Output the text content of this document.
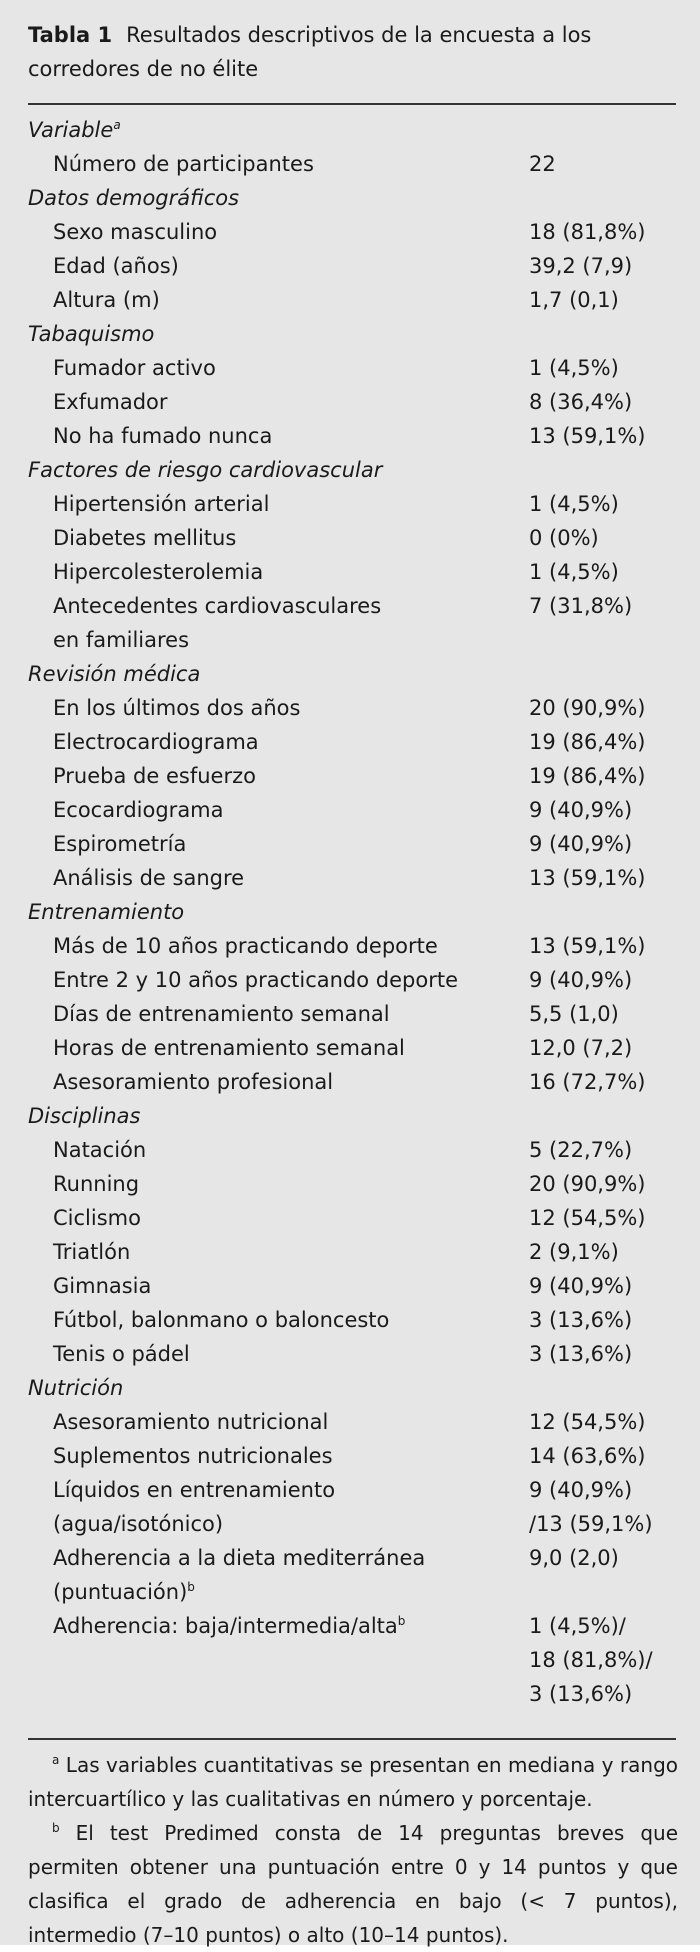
Tabla 1 Resultados descriptivos de la encuesta a los corredores de no élite
Variable$^a$
Número de participantes	22
Datos demográficos
Sexo masculino	18 (81,8%)
Edad (años)	39,2 (7,9)
Altura (m)	1,7 (0,1)
Tabaquismo
Fumador activo	1 (4,5%)
Exfumador	8 (36,4%)
No ha fumado nunca	13 (59,1%)
Factores de riesgo cardiovascular
Hipertensión arterial	1 (4,5%)
Diabetes mellitus	0 (0%)
Hipercolesterolemia	1 (4,5%)
Antecedentes cardiovasculares	7 (31,8%)
en familiares
Revisión médica
En los últimos dos años	20 (90,9%)
Electrocardiograma	19 (86,4%)
Prueba de esfuerzo	19 (86,4%)
Ecocardiograma	9 (40,9%)
Espirometría	9 (40,9%)
Análisis de sangre	13 (59,1%)
Entrenamiento
Más de 10 años practicando deporte	13 (59,1%)
Entre 2 y 10 años practicando deporte	9 (40,9%)
Días de entrenamiento semanal	5,5 (1,0)
Horas de entrenamiento semanal	12,0 (7,2)
Asesoramiento profesional	16 (72,7%)
Disciplinas
Natación	5 (22,7%)
Running	20 (90,9%)
Ciclismo	12 (54,5%)
Triatlón	2 (9,1%)
Gimnasia	9 (40,9%)
Fútbol, balonmano o baloncesto	3 (13,6%)
Tenis o pádel	3 (13,6%)
Nutrición
Asesoramiento nutricional	12 (54,5%)
Suplementos nutricionales	14 (63,6%)
Líquidos en entrenamiento	9 (40,9%)
(agua/isotónico)	/13 (59,1%)
Adherencia a la dieta mediterránea	9,0 (2,0)
(puntuación)$^b$
Adherencia: baja/intermedia/alta$^b$	1 (4,5%)/
18 (81,8%)/
3 (13,6%)

$^a$ Las variables cuantitativas se presentan en mediana y rango intercuartílico y las cualitativas en número y porcentaje.

$^b$ El test Predimed consta de 14 preguntas breves que permiten obtener una puntuación entre 0 y 14 puntos y que clasifica el grado de adherencia en bajo (< 7 puntos), intermedio (7–10 puntos) o alto (10–14 puntos).
